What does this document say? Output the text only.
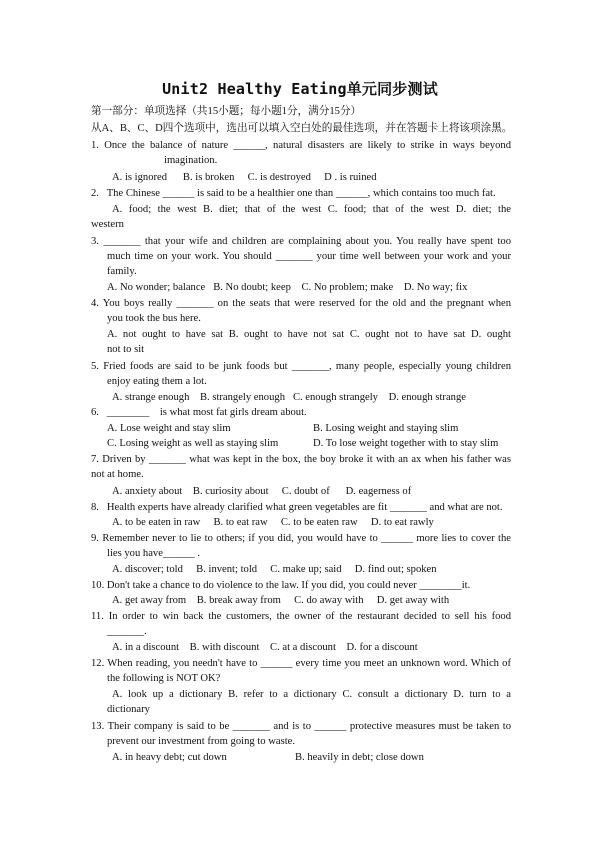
Unit2 Healthy Eating单元同步测试
第一部分：单项选择（共15小题；每小题1分，满分15分）
从A、B、C、D四个选项中，选出可以填入空白处的最佳选项，并在答题卡上将该项涂黑。
1. Once the balance of nature ______, natural disasters are likely to strike in ways beyond
imagination.
A. is ignored      B. is broken     C. is destroyed     D . is ruined
2.   The Chinese ______ is said to be a healthier one than ______, which contains too much fat.
A. food; the west B. diet; that of the west C. food; that of the west D. diet; the
western
3. _______ that your wife and children are complaining about you. You really have spent too
much time on your work. You should _______ your time well between your work and your
family.
A. No wonder; balance   B. No doubt; keep    C. No problem; make    D. No way; fix
4. You boys really _______ on the seats that were reserved for the old and the pregnant when
you took the bus here.
A. not ought to have sat B. ought to have not sat C. ought not to have sat D. ought
not to sit
5. Fried foods are said to be junk foods but _______, many people, especially young children
enjoy eating them a lot.
A. strange enough    B. strangely enough   C. enough strangely    D. enough strange
6.   ________    is what most fat girls dream about.
A. Lose weight and stay slim	B. Losing weight and staying slim
C. Losing weight as well as staying slim	D. To lose weight together with to stay slim
7. Driven by _______ what was kept in the box, the boy broke it with an ax when his father was
not at home.
A. anxiety about    B. curiosity about     C. doubt of      D. eagerness of
8.   Health experts have already clarified what green vegetables are fit _______ and what are not.
A. to be eaten in raw     B. to eat raw     C. to be eaten raw     D. to eat rawly
9. Remember never to lie to others; if you did, you would have to ______ more lies to cover the
lies you have______ .
A. discover; told     B. invent; told     C. make up; said     D. find out; spoken
10. Don't take a chance to do violence to the law. If you did, you could never ________it.
A. get away from    B. break away from     C. do away with     D. get away with
11. In order to win back the customers, the owner of the restaurant decided to sell his food
_______.
A. in a discount    B. with discount    C. at a discount    D. for a discount
12. When reading, you needn't have to ______ every time you meet an unknown word. Which of
the following is NOT OK?
A. look up a dictionary B. refer to a dictionary C. consult a dictionary D. turn to a
dictionary
13. Their company is said to be _______ and is to ______ protective measures must be taken to
prevent our investment from going to waste.
A. in heavy debt; cut down	B. heavily in debt; close down
